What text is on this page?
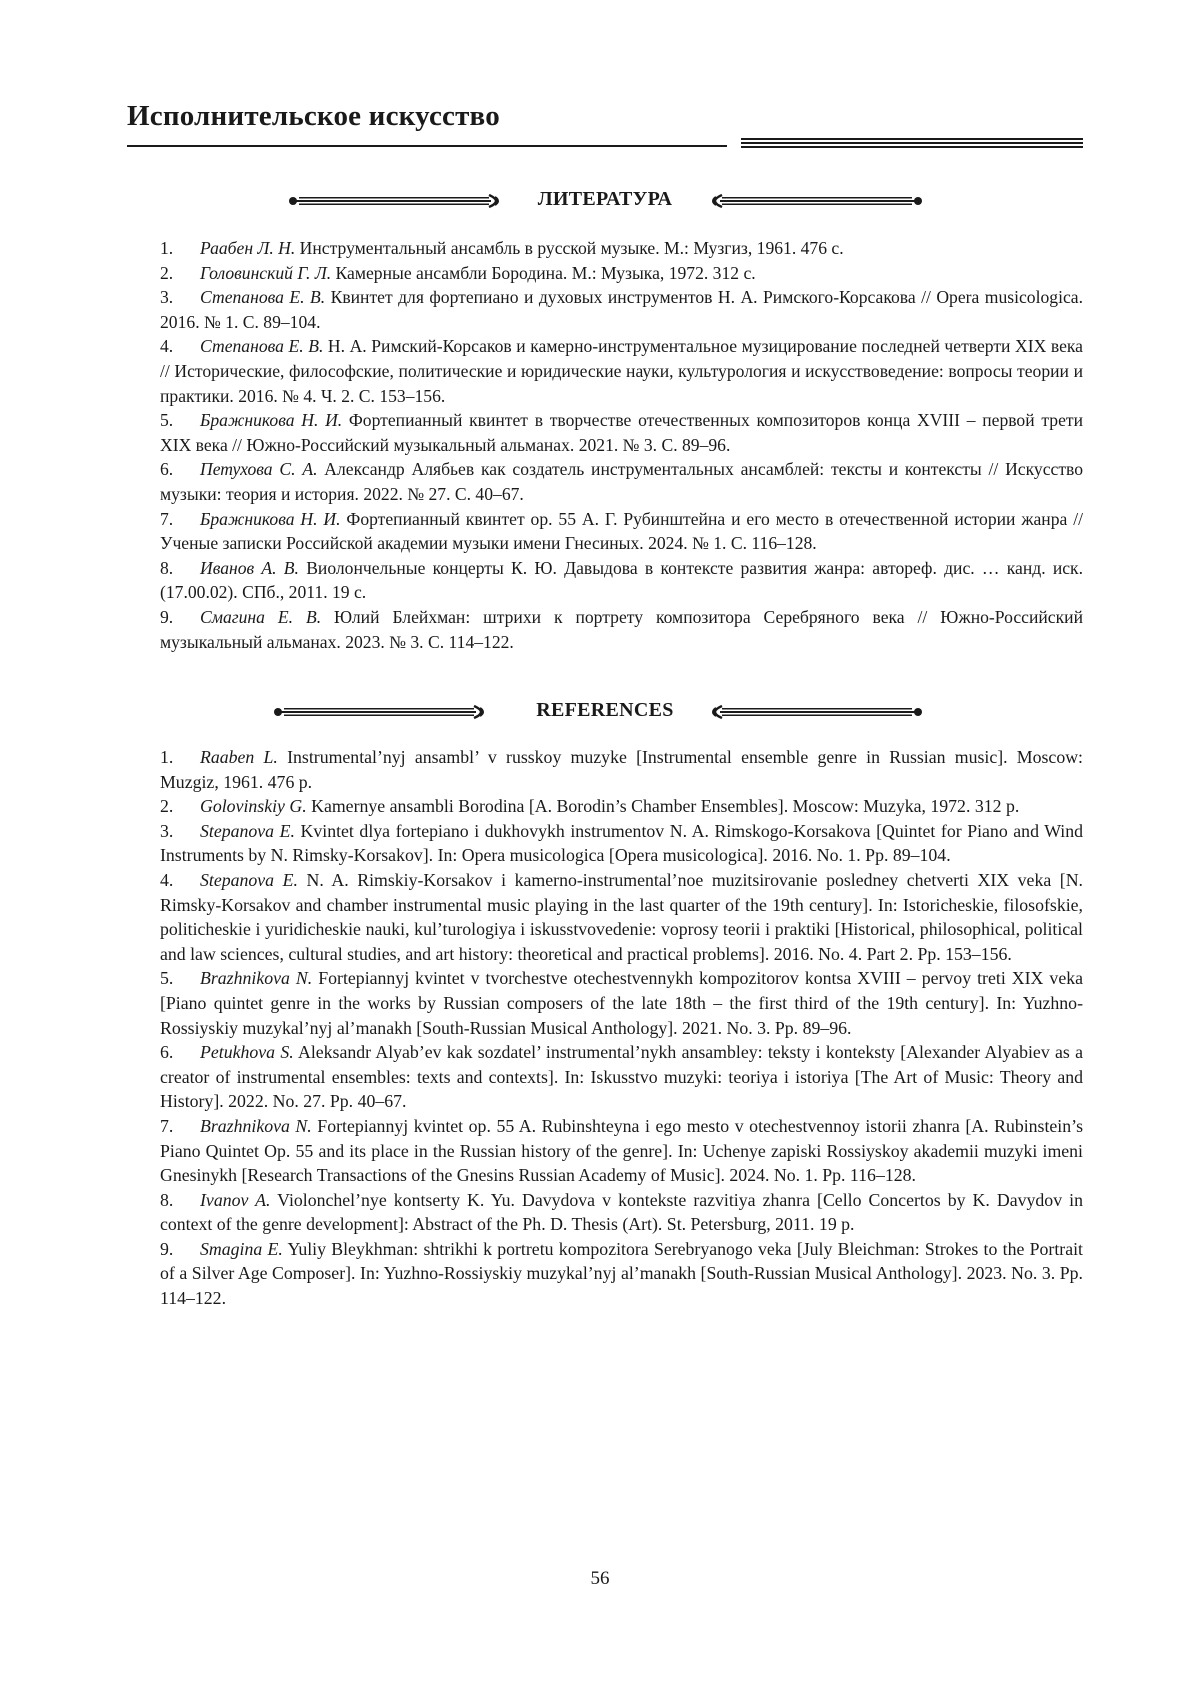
Исполнительское искусство
ЛИТЕРАТУРА
1. Раабен Л. Н. Инструментальный ансамбль в русской музыке. М.: Музгиз, 1961. 476 с.
2. Головинский Г. Л. Камерные ансамбли Бородина. М.: Музыка, 1972. 312 с.
3. Степанова Е. В. Квинтет для фортепиано и духовых инструментов Н. А. Римского-Корсакова // Opera musicologica. 2016. № 1. С. 89–104.
4. Степанова Е. В. Н. А. Римский-Корсаков и камерно-инструментальное музицирование последней четверти XIX века // Исторические, философские, политические и юридические науки, культурология и искусствоведение: вопросы теории и практики. 2016. № 4. Ч. 2. С. 153–156.
5. Бражникова Н. И. Фортепианный квинтет в творчестве отечественных композиторов конца XVIII – первой трети XIX века // Южно-Российский музыкальный альманах. 2021. № 3. С. 89–96.
6. Петухова С. А. Александр Алябьев как создатель инструментальных ансамблей: тексты и контексты // Искусство музыки: теория и история. 2022. № 27. С. 40–67.
7. Бражникова Н. И. Фортепианный квинтет op. 55 А. Г. Рубинштейна и его место в отечественной истории жанра // Ученые записки Российской академии музыки имени Гнесиных. 2024. № 1. С. 116–128.
8. Иванов А. В. Виолончельные концерты К. Ю. Давыдова в контексте развития жанра: автореф. дис. … канд. иск. (17.00.02). СПб., 2011. 19 с.
9. Смагина Е. В. Юлий Блейхман: штрихи к портрету композитора Серебряного века // Южно-Российский музыкальный альманах. 2023. № 3. С. 114–122.
REFERENCES
1. Raaben L. Instrumental’nyj ansambl’ v russkoy muzyke [Instrumental ensemble genre in Russian music]. Moscow: Muzgiz, 1961. 476 p.
2. Golovinskiy G. Kamernye ansambli Borodina [A. Borodin’s Chamber Ensembles]. Moscow: Muzyka, 1972. 312 p.
3. Stepanova E. Kvintet dlya fortepiano i dukhovykh instrumentov N. A. Rimskogo-Korsakova [Quintet for Piano and Wind Instruments by N. Rimsky-Korsakov]. In: Opera musicologica [Opera musicologica]. 2016. No. 1. Pp. 89–104.
4. Stepanova E. N. A. Rimskiy-Korsakov i kamerno-instrumental’noe muzitsirovanie posledney chetverti XIX veka [N. Rimsky-Korsakov and chamber instrumental music playing in the last quarter of the 19th century]. In: Istoricheskie, filosofskie, politicheskie i yuridicheskie nauki, kul’turologiya i iskusstvovedenie: voprosy teorii i praktiki [Historical, philosophical, political and law sciences, cultural studies, and art history: theoretical and practical problems]. 2016. No. 4. Part 2. Pp. 153–156.
5. Brazhnikova N. Fortepiannyj kvintet v tvorchestve otechestvennykh kompozitorov kontsa XVIII – pervoy treti XIX veka [Piano quintet genre in the works by Russian composers of the late 18th – the first third of the 19th century]. In: Yuzhno-Rossiyskiy muzykal’nyj al’manakh [South-Russian Musical Anthology]. 2021. No. 3. Pp. 89–96.
6. Petukhova S. Aleksandr Alyab’ev kak sozdatel’ instrumental’nykh ansambley: teksty i konteksty [Alexander Alyabiev as a creator of instrumental ensembles: texts and contexts]. In: Iskusstvo muzyki: teoriya i istoriya [The Art of Music: Theory and History]. 2022. No. 27. Pp. 40–67.
7. Brazhnikova N. Fortepiannyj kvintet op. 55 A. Rubinshteyna i ego mesto v otechestvennoy istorii zhanra [A. Rubinstein’s Piano Quintet Op. 55 and its place in the Russian history of the genre]. In: Uchenye zapiski Rossiyskoy akademii muzyki imeni Gnesinykh [Research Transactions of the Gnesins Russian Academy of Music]. 2024. No. 1. Pp. 116–128.
8. Ivanov A. Violonchel’nye kontserty K. Yu. Davydova v kontekste razvitiya zhanra [Cello Concertos by K. Davydov in context of the genre development]: Abstract of the Ph. D. Thesis (Art). St. Petersburg, 2011. 19 p.
9. Smagina E. Yuliy Bleykhman: shtrikhi k portretu kompozitora Serebryanogo veka [July Bleichman: Strokes to the Portrait of a Silver Age Composer]. In: Yuzhno-Rossiyskiy muzykal’nyj al’manakh [South-Russian Musical Anthology]. 2023. No. 3. Pp. 114–122.
56
